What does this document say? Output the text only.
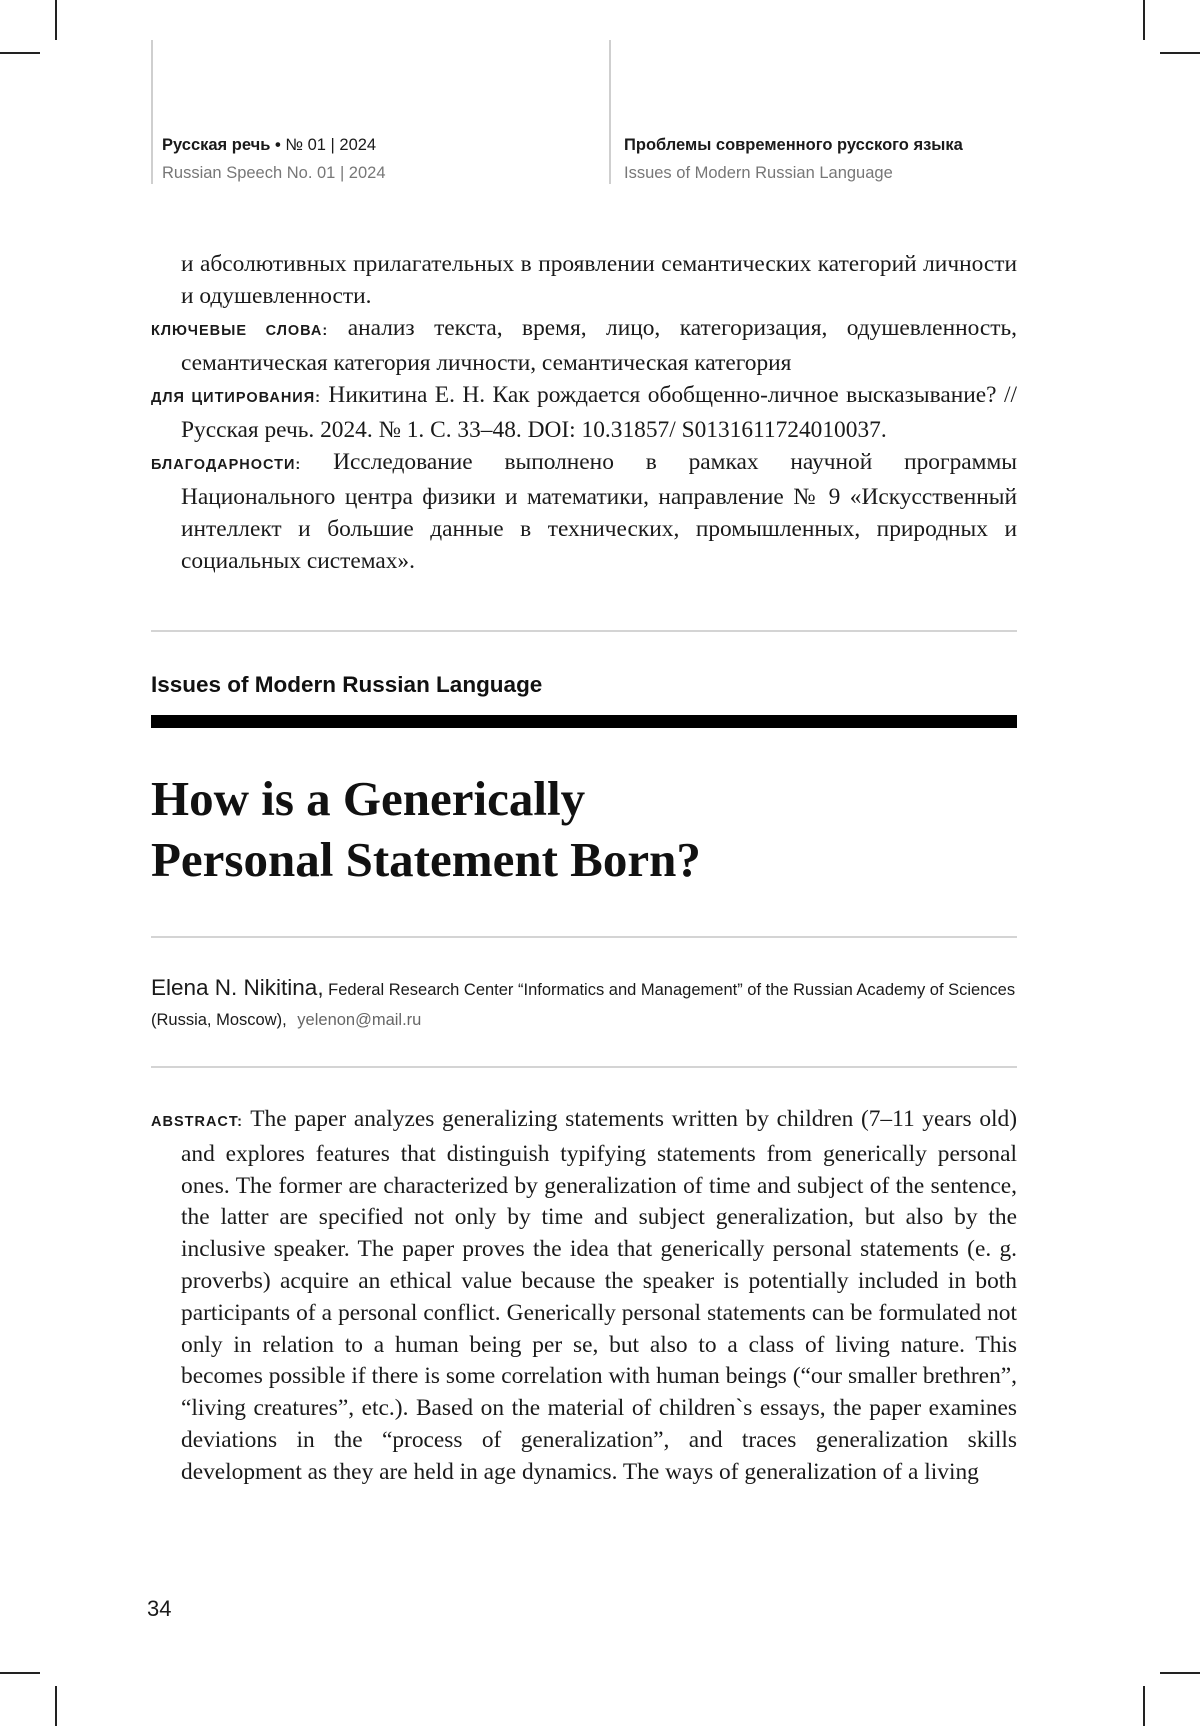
Русская речь • № 01 | 2024
Russian Speech No. 01 | 2024
Проблемы современного русского языка
Issues of Modern Russian Language

и абсолютивных прилагательных в проявлении семантических категорий личности и одушевленности.

КЛЮЧЕВЫЕ СЛОВА: анализ текста, время, лицо, категоризация, одушевленность, семантическая категория личности, семантическая категория

ДЛЯ ЦИТИРОВАНИЯ: Никитина Е. Н. Как рождается обобщенно-личное высказывание? // Русская речь. 2024. № 1. С. 33–48. DOI: 10.31857/ S0131611724010037.

БЛАГОДАРНОСТИ: Исследование выполнено в рамках научной программы Национального центра физики и математики, направление № 9 «Искусственный интеллект и большие данные в технических, промышленных, природных и социальных системах».

Issues of Modern Russian Language
How is a Generically
Personal Statement Born?
Elena N. Nikitina, Federal Research Center “Informatics and Management” of the Russian Academy of Sciences (Russia, Moscow), yelenon@mail.ru

ABSTRACT: The paper analyzes generalizing statements written by children (7–11 years old) and explores features that distinguish typifying statements from generically personal ones. The former are characterized by generalization of time and subject of the sentence, the latter are specified not only by time and subject generalization, but also by the inclusive speaker. The paper proves the idea that generically personal statements (e. g. proverbs) acquire an ethical value because the speaker is potentially included in both participants of a personal conflict. Generically personal statements can be formulated not only in relation to a human being per se, but also to a class of living nature. This becomes possible if there is some correlation with human beings (“our smaller brethren”, “living creatures”, etc.). Based on the material of children`s essays, the paper examines deviations in the “process of generalization”, and traces generalization skills development as they are held in age dynamics. The ways of generalization of a living

34
